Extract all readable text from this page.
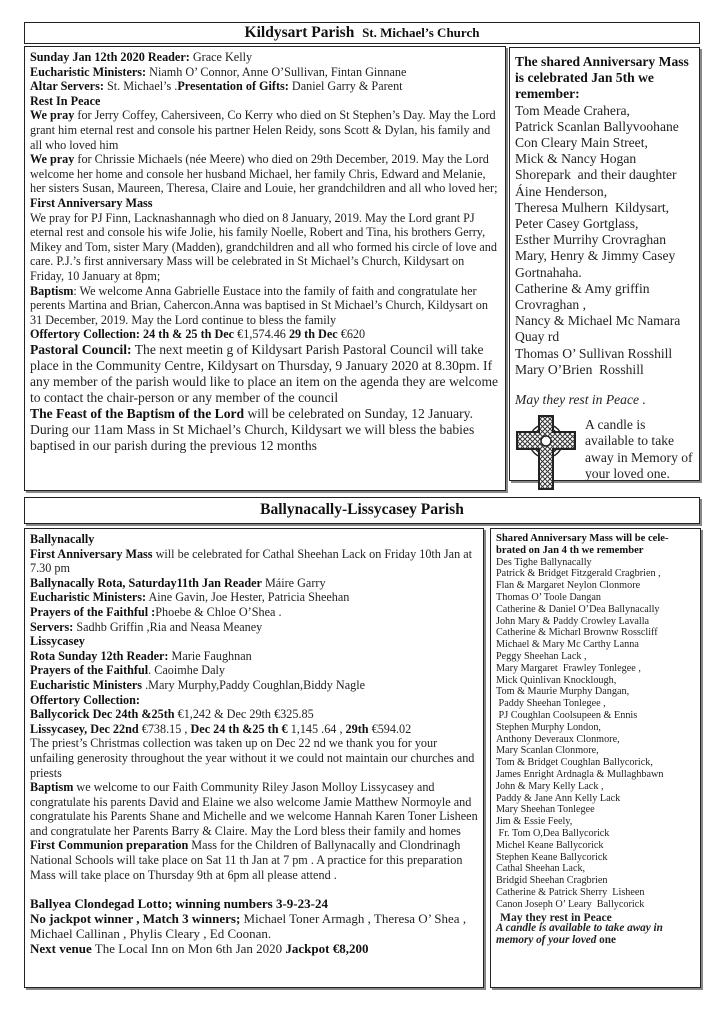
Kildysart Parish St. Michael’s Church

Sunday Jan 12th 2020 Reader: Grace Kelly

Eucharistic Ministers: Niamh O’ Connor, Anne O’Sullivan, Fintan Ginnane

Altar Servers: St. Michael’s .Presentation of Gifts: Daniel Garry & Parent

Rest In Peace

We pray for Jerry Coffey, Cahersiveen, Co Kerry who died on St Stephen’s Day. May the Lord grant him eternal rest and console his partner Helen Reidy, sons Scott & Dylan, his family and all who loved him

We pray for Chrissie Michaels (née Meere) who died on 29th December, 2019. May the Lord welcome her home and console her husband Michael, her family Chris, Edward and Melanie, her sisters Susan, Maureen, Theresa, Claire and Louie, her grandchildren and all who loved her;

First Anniversary Mass

We pray for PJ Finn, Lacknashannagh who died on 8 January, 2019. May the Lord grant PJ eternal rest and console his wife Jolie, his family Noelle, Robert and Tina, his brothers Gerry, Mikey and Tom, sister Mary (Madden), grandchildren and all who formed his circle of love and care. P.J.’s first anniversary Mass will be celebrated in St Michael’s Church, Kildysart on Friday, 10 January at 8pm;

Baptism: We welcome Anna Gabrielle Eustace into the family of faith and congratulate her perents Martina and Brian, Cahercon.Anna was baptised in St Michael’s Church, Kildysart on 31 December, 2019. May the Lord continue to bless the family

Offertory Collection: 24 th & 25 th Dec €1,574.46 29 th Dec €620

Pastoral Council: The next meetin g of Kildysart Parish Pastoral Council will take place in the Community Centre, Kildysart on Thursday, 9 January 2020 at 8.30pm. If any member of the parish would like to place an item on the agenda they are welcome to contact the chair-person or any member of the council

The Feast of the Baptism of the Lord will be celebrated on Sunday, 12 January. During our 11am Mass in St Michael’s Church, Kildysart we will bless the babies baptised in our parish during the previous 12 months

The shared Anniversary Mass is celebrated Jan 5th we remember:
Tom Meade Crahera,
Patrick Scanlan Ballyvoohane
Con Cleary Main Street,
Mick & Nancy Hogan
Shorepark  and their daughter
Áine Henderson,
Theresa Mulhern  Kildysart,
Peter Casey Gortglass,
Esther Murrihy Crovraghan
Mary, Henry & Jimmy Casey
Gortnahaha.
Catherine & Amy griffin
Crovraghan ,
Nancy & Michael Mc Namara
Quay rd
Thomas O’ Sullivan Rosshill
Mary O’Brien  Rosshill
May they rest in Peace .
A candle is available to take away in Memory of your loved one.
Ballynacally-Lissycasey Parish

Ballynacally

First Anniversary Mass will be celebrated for Cathal Sheehan Lack on Friday 10th Jan at 7.30 pm

Ballynacally Rota, Saturday11th Jan Reader Máire Garry

Eucharistic Ministers: Aine Gavin, Joe Hester, Patricia Sheehan

Prayers of the Faithful :Phoebe & Chloe O’Shea .

Servers: Sadhb Griffin ,Ria and Neasa Meaney

Lissycasey

Rota Sunday 12th Reader: Marie Faughnan

Prayers of the Faithful. Caoimhe Daly

Eucharistic Ministers .Mary Murphy,Paddy Coughlan,Biddy Nagle

Offertory Collection:

Ballycorick Dec 24th &25th €1,242 & Dec 29th €325.85

Lissycasey, Dec 22nd €738.15 , Dec 24 th &25 th € 1,145 .64 , 29th €594.02

The priest’s Christmas collection was taken up on Dec 22 nd we thank you for your unfailing generosity throughout the year without it we could not maintain our churches and priests

Baptism we welcome to our Faith Community Riley Jason Molloy Lissycasey and congratulate his parents David and Elaine we also welcome Jamie Matthew Normoyle and congratulate his Parents Shane and Michelle and we welcome Hannah Karen Toner Lisheen and congratulate her Parents Barry & Claire. May the Lord bless their family and homes

First Communion preparation Mass for the Children of Ballynacally and Clondrinagh National Schools will take place on Sat 11 th Jan at 7 pm . A practice for this preparation Mass will take place on Thursday 9th at 6pm all please attend .

Ballyea Clondegad Lotto; winning numbers 3-9-23-24

No jackpot winner , Match 3 winners; Michael Toner Armagh , Theresa O’ Shea , Michael Callinan , Phylis Cleary , Ed Coonan.

Next venue The Local Inn on Mon 6th Jan 2020 Jackpot €8,200

Shared Anniversary Mass will be cele-brated on Jan 4 th we remember
Des Tighe Ballynacally
Patrick & Bridget Fitzgerald Cragbrien ,
Flan & Margaret Neylon Clonmore
Thomas O’ Toole Dangan
Catherine & Daniel O’Dea Ballynacally
John Mary & Paddy Crowley Lavalla
Catherine & Micharl Brownw Rosscliff
Michael & Mary Mc Carthy Lanna
Peggy Sheehan Lack ,
Mary Margaret  Frawley Tonlegee ,
Mick Quinlivan Knocklough,
Tom & Maurie Murphy Dangan,
Paddy Sheehan Tonlegee ,
PJ Coughlan Coolsupeen & Ennis
Stephen Murphy London,
Anthony Deveraux Clonmore,
Mary Scanlan Clonmore,
Tom & Bridget Coughlan Ballycorick,
James Enright Ardnagla & Mullaghbawn
John & Mary Kelly Lack ,
Paddy & Jane Ann Kelly Lack
Mary Sheehan Tonlegee
Jim & Essie Feely,
Fr. Tom O,Dea Ballycorick
Michel Keane Ballycorick
Stephen Keane Ballycorick
Cathal Sheehan Lack,
Bridgid Sheehan Cragbrien
Catherine & Patrick Sherry  Lisheen
Canon Joseph O’ Leary  Ballycorick
May they rest in Peace
A candle is available to take away in memory of your loved one
